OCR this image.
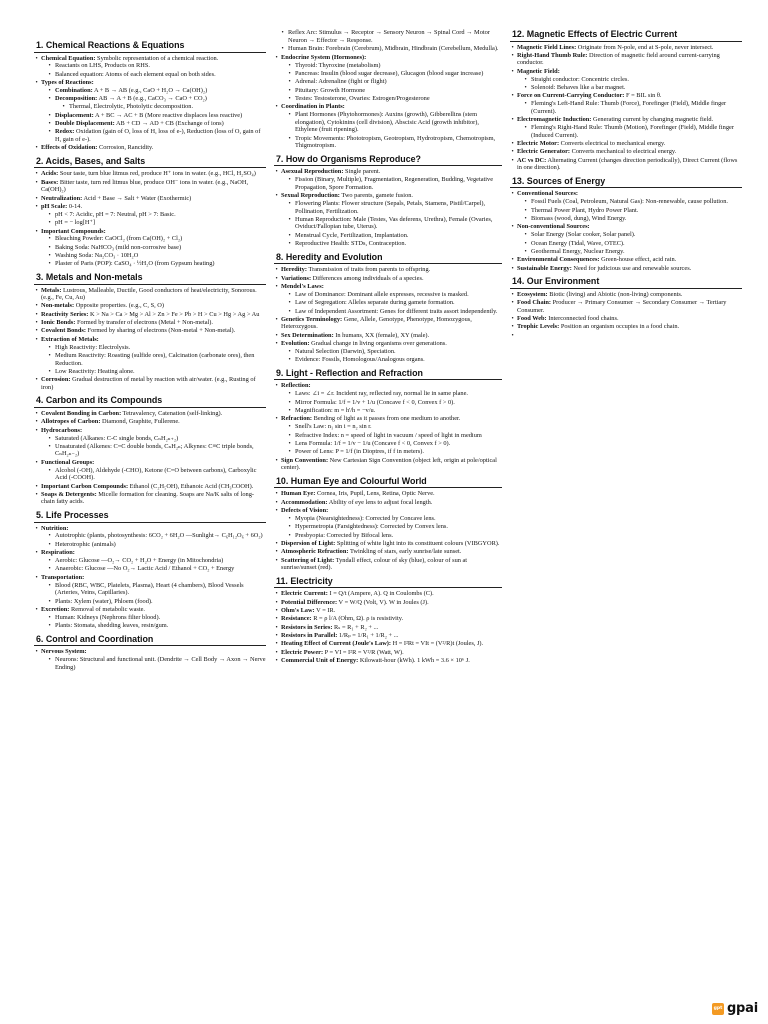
1. Chemical Reactions & Equations
• Chemical Equation: Symbolic representation of a chemical reaction.
• Reactants on LHS, Products on RHS.
• Balanced equation: Atoms of each element equal on both sides.
• Types of Reactions:
• Combination: A + B → AB (e.g., CaO + H₂O → Ca(OH)₂)
• Decomposition: AB → A + B (e.g., CaCO₃ → CaO + CO₂)
• Thermal, Electrolytic, Photolytic decomposition.
• Displacement: A + BC → AC + B (More reactive displaces less reactive)
• Double Displacement: AB + CD → AD + CB (Exchange of ions)
• Redox: Oxidation (gain of O, loss of H, loss of e-), Reduction (loss of O, gain of H, gain of e-).
• Effects of Oxidation: Corrosion, Rancidity.
2. Acids, Bases, and Salts
• Acids: Sour taste, turn blue litmus red, produce H⁺ ions in water. (e.g., HCl, H₂SO₄)
• Bases: Bitter taste, turn red litmus blue, produce OH⁻ ions in water. (e.g., NaOH, Ca(OH)₂)
• Neutralization: Acid + Base → Salt + Water (Exothermic)
• pH Scale: 0-14.
• pH < 7: Acidic, pH = 7: Neutral, pH > 7: Basic.
• pH = − log[H⁺]
• Important Compounds:
• Bleaching Powder: CaOCl₂ (from Ca(OH)₂ + Cl₂)
• Baking Soda: NaHCO₃ (mild non-corrosive base)
• Washing Soda: Na₂CO₃ · 10H₂O
• Plaster of Paris (POP): CaSO₄ · ½H₂O (from Gypsum heating)
3. Metals and Non-metals
• Metals: Lustrous, Malleable, Ductile, Good conductors of heat/electricity, Sonorous. (e.g., Fe, Cu, Au)
• Non-metals: Opposite properties. (e.g., C, S, O)
• Reactivity Series: K > Na > Ca > Mg > Al > Zn > Fe > Pb > H > Cu > Hg > Ag > Au
• Ionic Bonds: Formed by transfer of electrons (Metal + Non-metal).
• Covalent Bonds: Formed by sharing of electrons (Non-metal + Non-metal).
• Extraction of Metals:
• High Reactivity: Electrolysis.
• Medium Reactivity: Roasting (sulfide ores), Calcination (carbonate ores), then Reduction.
• Low Reactivity: Heating alone.
• Corrosion: Gradual destruction of metal by reaction with air/water. (e.g., Rusting of iron)
4. Carbon and its Compounds
• Covalent Bonding in Carbon: Tetravalency, Catenation (self-linking).
• Allotropes of Carbon: Diamond, Graphite, Fullerene.
• Hydrocarbons:
• Saturated (Alkanes: C-C single bonds, CₙH₂ₙ₊₂)
• Unsaturated (Alkenes: C=C double bonds, CₙH₂ₙ; Alkynes: C≡C triple bonds, CₙH₂ₙ₋₂)
• Functional Groups:
• Alcohol (-OH), Aldehyde (-CHO), Ketone (C=O between carbons), Carboxylic Acid (-COOH).
• Important Carbon Compounds: Ethanol (C₂H₅OH), Ethanoic Acid (CH₃COOH).
• Soaps & Detergents: Micelle formation for cleaning. Soaps are Na/K salts of long-chain fatty acids.
5. Life Processes
• Nutrition:
• Autotrophic (plants, photosynthesis: 6CO₂ + 6H₂O —Sunlight→ C₆H₁₂O₆ + 6O₂)
• Heterotrophic (animals)
• Respiration:
• Aerobic: Glucose —O₂→ CO₂ + H₂O + Energy (in Mitochondria)
• Anaerobic: Glucose —No O₂→ Lactic Acid / Ethanol + CO₂ + Energy
• Transportation:
• Blood (RBC, WBC, Platelets, Plasma), Heart (4 chambers), Blood Vessels (Arteries, Veins, Capillaries).
• Plants: Xylem (water), Phloem (food).
• Excretion: Removal of metabolic waste.
• Human: Kidneys (Nephrons filter blood).
• Plants: Stomata, shedding leaves, resin/gum.
6. Control and Coordination
• Nervous System:
• Neurons: Structural and functional unit. (Dendrite → Cell Body → Axon → Nerve Ending)
• Reflex Arc: Stimulus → Receptor → Sensory Neuron → Spinal Cord → Motor Neuron → Effector → Response.
• Human Brain: Forebrain (Cerebrum), Midbrain, Hindbrain (Cerebellum, Medulla).
• Endocrine System (Hormones):
• Thyroid: Thyroxine (metabolism)
• Pancreas: Insulin (blood sugar decrease), Glucagon (blood sugar increase)
• Adrenal: Adrenaline (fight or flight)
• Pituitary: Growth Hormone
• Testes: Testosterone, Ovaries: Estrogen/Progesterone
• Coordination in Plants:
• Plant Hormones (Phytohormones): Auxins (growth), Gibberellins (stem elongation), Cytokinins (cell division), Abscisic Acid (growth inhibitor), Ethylene (fruit ripening).
• Tropic Movements: Phototropism, Geotropism, Hydrotropism, Chemotropism, Thigmotropism.
7. How do Organisms Reproduce?
• Asexual Reproduction: Single parent.
• Fission (Binary, Multiple), Fragmentation, Regeneration, Budding, Vegetative Propagation, Spore Formation.
• Sexual Reproduction: Two parents, gamete fusion.
• Flowering Plants: Flower structure (Sepals, Petals, Stamens, Pistil/Carpel), Pollination, Fertilization.
• Human Reproduction: Male (Testes, Vas deferens, Urethra), Female (Ovaries, Oviduct/Fallopian tube, Uterus).
• Menstrual Cycle, Fertilization, Implantation.
• Reproductive Health: STDs, Contraception.
8. Heredity and Evolution
• Heredity: Transmission of traits from parents to offspring.
• Variations: Differences among individuals of a species.
• Mendel's Laws:
• Law of Dominance: Dominant allele expresses, recessive is masked.
• Law of Segregation: Alleles separate during gamete formation.
• Law of Independent Assortment: Genes for different traits assort independently.
• Genetics Terminology: Gene, Allele, Genotype, Phenotype, Homozygous, Heterozygous.
• Sex Determination: In humans, XX (female), XY (male).
• Evolution: Gradual change in living organisms over generations.
• Natural Selection (Darwin), Speciation.
• Evidence: Fossils, Homologous/Analogous organs.
9. Light - Reflection and Refraction
• Reflection:
• Laws: ∠i = ∠r. Incident ray, reflected ray, normal lie in same plane.
• Mirror Formula: 1/f = 1/v + 1/u (Concave f < 0, Convex f > 0).
• Magnification: m = h'/h = −v/u.
• Refraction: Bending of light as it passes from one medium to another.
• Snell's Law: n₁ sin i = n₂ sin r.
• Refractive Index: n = speed of light in vacuum / speed of light in medium
• Lens Formula: 1/f = 1/v − 1/u (Concave f < 0, Convex f > 0).
• Power of Lens: P = 1/f (in Dioptres, if f in meters).
• Sign Convention: New Cartesian Sign Convention (object left, origin at pole/optical center).
10. Human Eye and Colourful World
• Human Eye: Cornea, Iris, Pupil, Lens, Retina, Optic Nerve.
• Accommodation: Ability of eye lens to adjust focal length.
• Defects of Vision:
• Myopia (Nearsightedness): Corrected by Concave lens.
• Hypermetropia (Farsightedness): Corrected by Convex lens.
• Presbyopia: Corrected by Bifocal lens.
• Dispersion of Light: Splitting of white light into its constituent colours (VIBGYOR).
• Atmospheric Refraction: Twinkling of stars, early sunrise/late sunset.
• Scattering of Light: Tyndall effect, colour of sky (blue), colour of sun at sunrise/sunset (red).
11. Electricity
• Electric Current: I = Q/t (Ampere, A). Q in Coulombs (C).
• Potential Difference: V = W/Q (Volt, V). W in Joules (J).
• Ohm's Law: V = IR.
• Resistance: R = ρ l/A (Ohm, Ω). ρ is resistivity.
• Resistors in Series: Rₛ = R₁ + R₂ + ...
• Resistors in Parallel: 1/Rₚ = 1/R₁ + 1/R₂ + ...
• Heating Effect of Current (Joule's Law): H = I²Rt = VIt = (V²/R)t (Joules, J).
• Electric Power: P = VI = I²R = V²/R (Watt, W).
• Commercial Unit of Energy: Kilowatt-hour (kWh). 1 kWh = 3.6 × 10⁶ J.
12. Magnetic Effects of Electric Current
• Magnetic Field Lines: Originate from N-pole, end at S-pole, never intersect.
• Right-Hand Thumb Rule: Direction of magnetic field around current-carrying conductor.
• Magnetic Field:
• Straight conductor: Concentric circles.
• Solenoid: Behaves like a bar magnet.
• Force on Current-Carrying Conductor: F = BIL sin θ.
• Fleming's Left-Hand Rule: Thumb (Force), Forefinger (Field), Middle finger (Current).
• Electromagnetic Induction: Generating current by changing magnetic field.
• Fleming's Right-Hand Rule: Thumb (Motion), Forefinger (Field), Middle finger (Induced Current).
• Electric Motor: Converts electrical to mechanical energy.
• Electric Generator: Converts mechanical to electrical energy.
• AC vs DC: Alternating Current (changes direction periodically), Direct Current (flows in one direction).
13. Sources of Energy
• Conventional Sources:
• Fossil Fuels (Coal, Petroleum, Natural Gas): Non-renewable, cause pollution.
• Thermal Power Plant, Hydro Power Plant.
• Biomass (wood, dung), Wind Energy.
• Non-conventional Sources:
• Solar Energy (Solar cooker, Solar panel).
• Ocean Energy (Tidal, Wave, OTEC).
• Geothermal Energy, Nuclear Energy.
• Environmental Consequences: Green-house effect, acid rain.
• Sustainable Energy: Need for judicious use and renewable sources.
14. Our Environment
• Ecosystem: Biotic (living) and Abiotic (non-living) components.
• Food Chain: Producer → Primary Consumer → Secondary Consumer → Tertiary Consumer.
• Food Web: Interconnected food chains.
• Trophic Levels: Position an organism occupies in a food chain.
gpt gpai
